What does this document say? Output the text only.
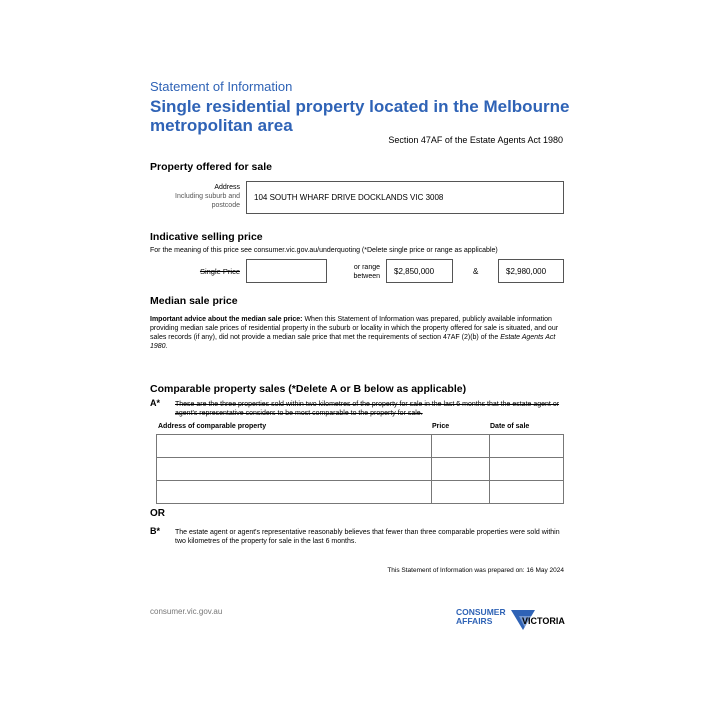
Statement of Information
Single residential property located in the Melbourne metropolitan area
Section 47AF of the Estate Agents Act 1980
Property offered for sale
Address
Including suburb and postcode
104 SOUTH WHARF DRIVE DOCKLANDS VIC 3008
Indicative selling price
For the meaning of this price see consumer.vic.gov.au/underquoting (*Delete single price or range as applicable)
Single Price	or range between
$2,850,000	&	$2,980,000
Median sale price
Important advice about the median sale price: When this Statement of Information was prepared, publicly available information providing median sale prices of residential property in the suburb or locality in which the property offered for sale is situated, and our sales records (if any), did not provide a median sale price that met the requirements of section 47AF (2)(b) of the Estate Agents Act 1980.
Comparable property sales (*Delete A or B below as applicable)
A* These are the three properties sold within two kilometres of the property for sale in the last 6 months that the estate agent or agent's representative considers to be most comparable to the property for sale.
Address of comparable property	Price	Date of sale

OR
B* The estate agent or agent's representative reasonably believes that fewer than three comparable properties were sold within two kilometres of the property for sale in the last 6 months.
This Statement of Information was prepared on: 16 May 2024
consumer.vic.gov.au	CONSUMER
AFFAIRS	VICTORIA
